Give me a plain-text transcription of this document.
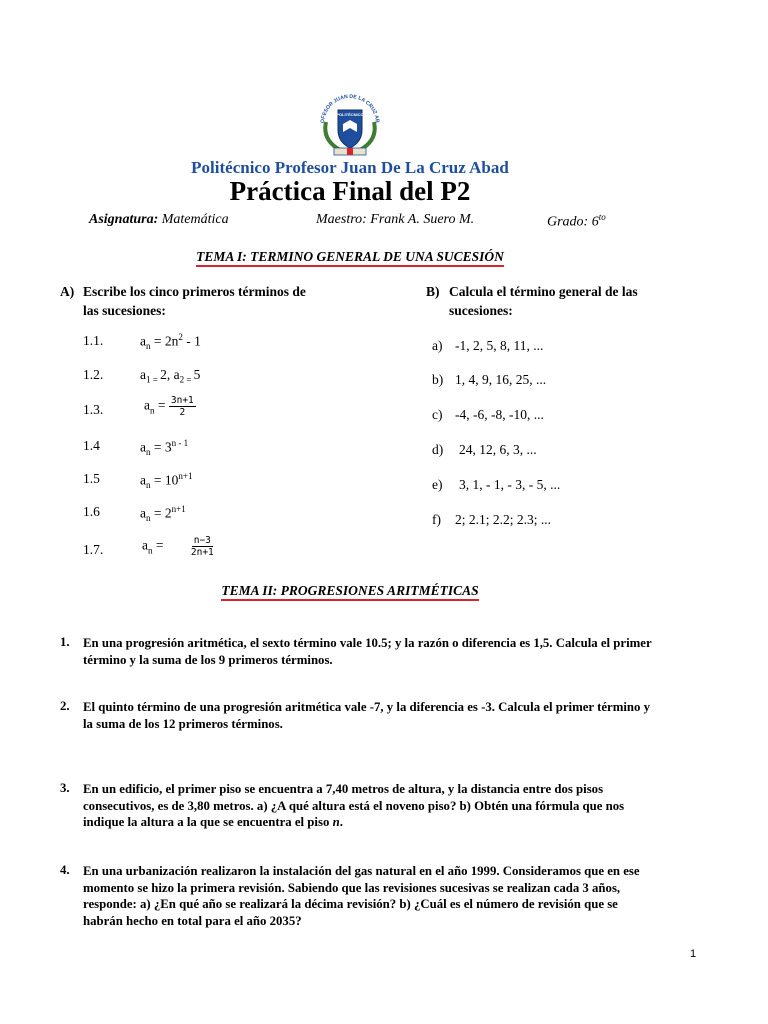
OFESOR JUAN DE LA CRUZ AB
POLITÉCNICO
Politécnico Profesor Juan De La Cruz Abad
Práctica Final del P2
Asignatura: Matemática	Maestro: Frank A. Suero M.	Grado: $6^{to}$
TEMA I: TERMINO GENERAL DE UNA SUCESIÓN
A) Escribe los cinco primeros términos de
las sucesiones:
1.1.	$a_n = 2n^2 - 1$
1.2.	$a_{1 =}$ 2, $a_{2 =}$ 5
1.3.	$a_n = \frac{3n+1}{2}$
1.4	$a_n = 3^{n - 1}$
1.5	$a_n = 10^{n+1}$
1.6	$a_n = 2^{n+1}$
1.7.	$a_n = \frac{n-3}{2n+1}$
B) Calcula el término general de las
sucesiones:
a) -1, 2, 5, 8, 11, ...
b) 1, 4, 9, 16, 25, ...
c) -4, -6, -8, -10, ...
d) 24, 12, 6, 3, ...
e) 3, 1, - 1, - 3, - 5, ...
f) 2; 2.1; 2.2; 2.3; ...
TEMA II: PROGRESIONES ARITMÉTICAS
1. En una progresión aritmética, el sexto término vale 10.5; y la razón o diferencia es 1,5. Calcula el primer
término y la suma de los 9 primeros términos.
2. El quinto término de una progresión aritmética vale -7, y la diferencia es -3. Calcula el primer término y
la suma de los 12 primeros términos.
3. En un edificio, el primer piso se encuentra a 7,40 metros de altura, y la distancia entre dos pisos
consecutivos, es de 3,80 metros. a) ¿A qué altura está el noveno piso? b) Obtén una fórmula que nos
indique la altura a la que se encuentra el piso n.
4. En una urbanización realizaron la instalación del gas natural en el año 1999. Consideramos que en ese
momento se hizo la primera revisión. Sabiendo que las revisiones sucesivas se realizan cada 3 años,
responde: a) ¿En qué año se realizará la décima revisión? b) ¿Cuál es el número de revisión que se
habrán hecho en total para el año 2035?
1
